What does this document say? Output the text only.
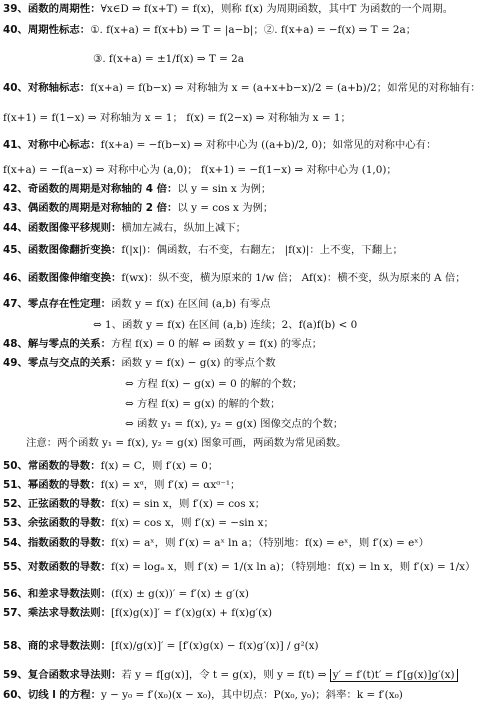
39、函数的周期性：∀x∈D ⇒ f(x+T) = f(x)，则称 f(x) 为周期函数，其中T 为函数的一个周期。
40、周期性标志：①. f(x+a) = f(x+b) ⇒ T = |a−b|；②. f(x+a) = −f(x) ⇒ T = 2a；
③. f(x+a) = ±1/f(x) ⇒ T = 2a
40、对称轴标志：f(x+a) = f(b−x) ⇒ 对称轴为 x = (a+x+b−x)/2 = (a+b)/2；如常见的对称轴有：
f(x+1) = f(1−x) ⇒ 对称轴为 x = 1； f(x) = f(2−x) ⇒ 对称轴为 x = 1；
41、对称中心标志：f(x+a) = −f(b−x) ⇒ 对称中心为 ((a+b)/2, 0)；如常见的对称中心有：
f(x+a) = −f(a−x) ⇒ 对称中心为 (a,0)； f(x+1) = −f(1−x) ⇒ 对称中心为 (1,0)；
42、奇函数的周期是对称轴的 4 倍：以 y = sin x 为例；
43、偶函数的周期是对称轴的 2 倍：以 y = cos x 为例；
44、函数图像平移规则：横加左减右，纵加上减下；
45、函数图像翻折变换：f(|x|)：偶函数，右不变，右翻左； |f(x)|：上不变，下翻上；
46、函数图像伸缩变换：f(wx)：纵不变，横为原来的 1/w 倍； Af(x)：横不变，纵为原来的 A 倍；
47、零点存在性定理：函数 y = f(x) 在区间 (a,b) 有零点
⇔ 1、函数 y = f(x) 在区间 (a,b) 连续；2、f(a)f(b) < 0
48、解与零点的关系：方程 f(x) = 0 的解 ⇔ 函数 y = f(x) 的零点；
49、零点与交点的关系：函数 y = f(x) − g(x) 的零点个数
⇔ 方程 f(x) − g(x) = 0 的解的个数；
⇔ 方程 f(x) = g(x) 的解的个数；
⇔ 函数 y₁ = f(x), y₂ = g(x) 图像交点的个数；
注意：两个函数 y₁ = f(x), y₂ = g(x) 图象可画，两函数为常见函数。
50、常函数的导数：f(x) = C，则 f′(x) = 0；
51、幂函数的导数：f(x) = xᵅ，则 f′(x) = αxᵅ⁻¹；
52、正弦函数的导数：f(x) = sin x，则 f′(x) = cos x；
53、余弦函数的导数：f(x) = cos x，则 f′(x) = −sin x；
54、指数函数的导数：f(x) = aˣ，则 f′(x) = aˣ ln a；（特别地：f(x) = eˣ，则 f′(x) = eˣ）
55、对数函数的导数：f(x) = logₐ x，则 f′(x) = 1/(x ln a)；（特别地：f(x) = ln x，则 f′(x) = 1/x）
56、和差求导数法则：(f(x) ± g(x))′ = f′(x) ± g′(x)
57、乘法求导数法则：[f(x)g(x)]′ = f′(x)g(x) + f(x)g′(x)
58、商的求导数法则：[f(x)/g(x)]′ = [f′(x)g(x) − f(x)g′(x)] / g²(x)
59、复合函数求导法则：若 y = f[g(x)]，令 t = g(x)，则 y = f(t) ⇒ y′ = f′(t)t′ = f′[g(x)]g′(x)
60、切线 l 的方程：y − y₀ = f′(x₀)(x − x₀)，其中切点：P(x₀, y₀)；斜率：k = f′(x₀)
